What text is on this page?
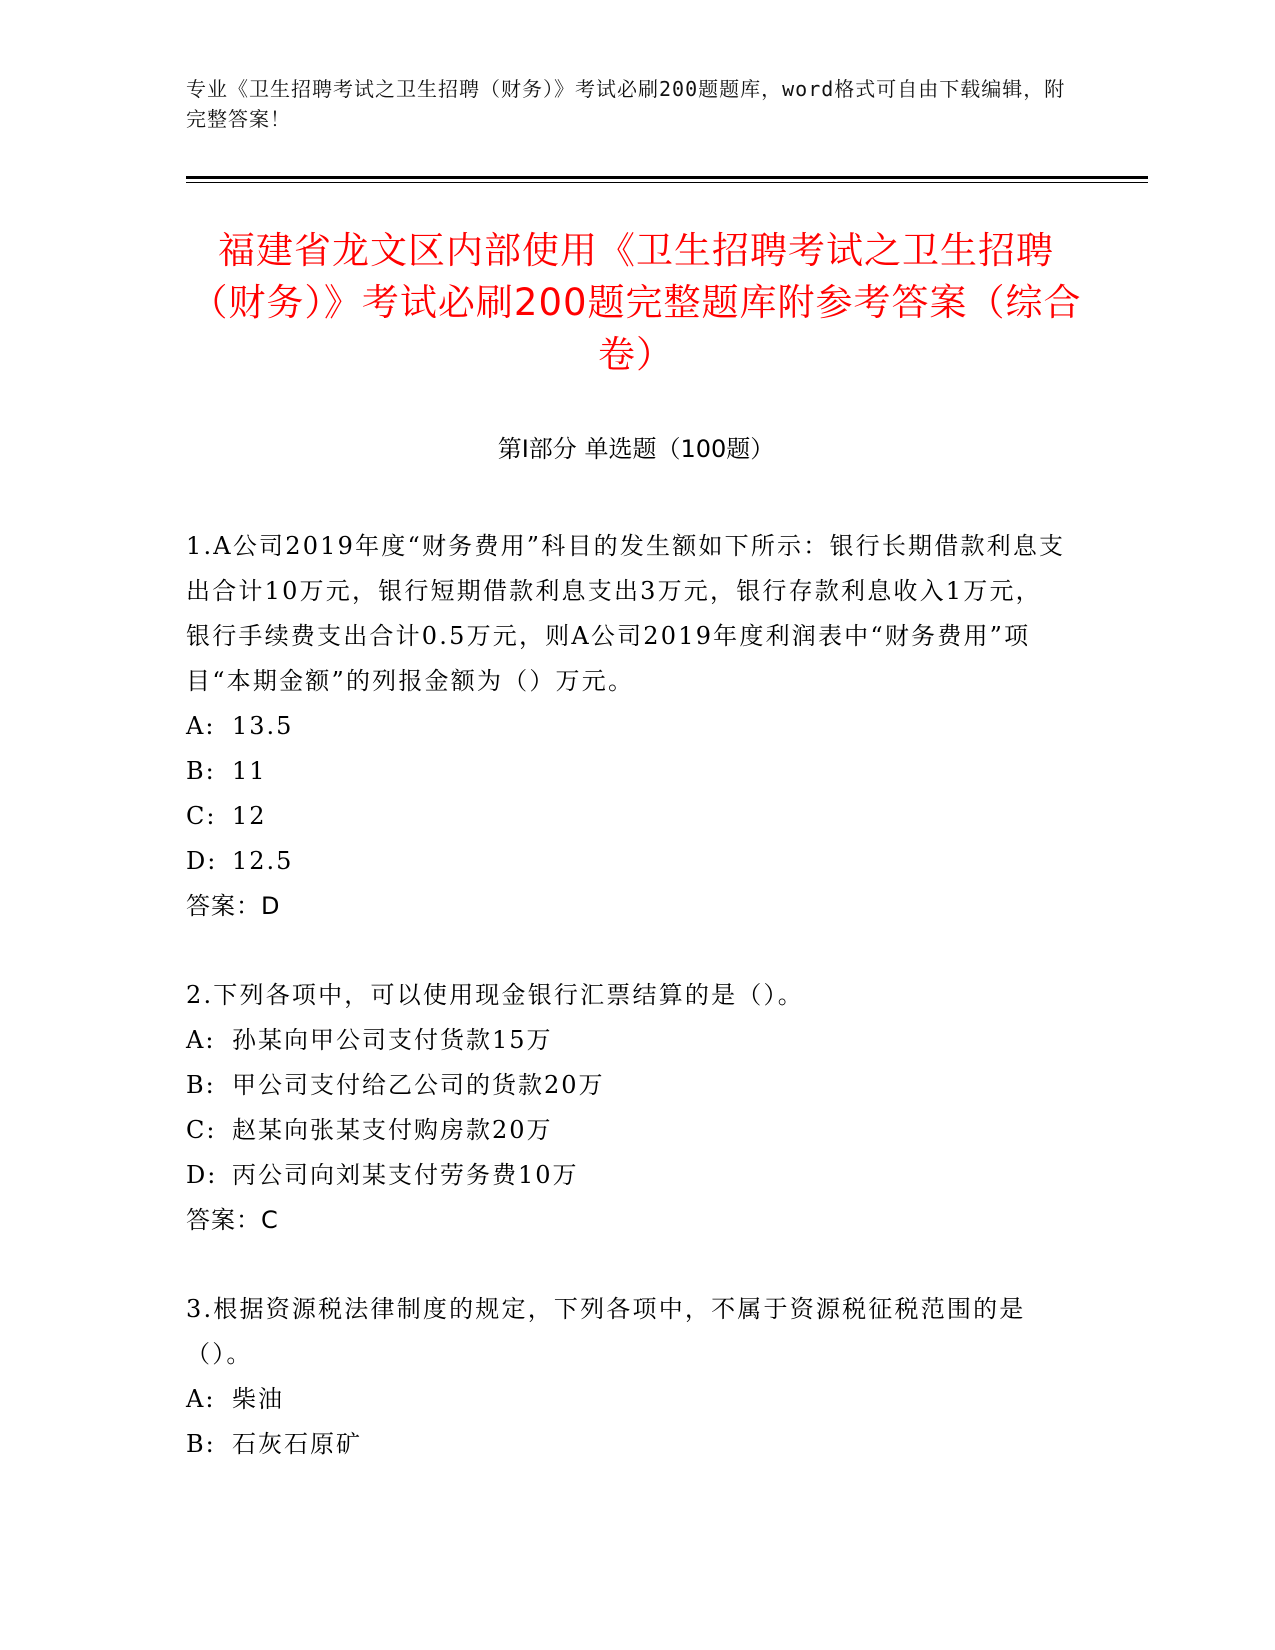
专业《卫生招聘考试之卫生招聘（财务）》考试必刷200题题库，word格式可自由下载编辑，附完整答案！
福建省龙文区内部使用《卫生招聘考试之卫生招聘（财务）》考试必刷200题完整题库附参考答案（综合卷）
第Ⅰ部分 单选题（100题）

1.A公司2019年度“财务费用”科目的发生额如下所示：银行长期借款利息支出合计10万元，银行短期借款利息支出3万元，银行存款利息收入1万元，银行手续费支出合计0.5万元，则A公司2019年度利润表中“财务费用”项目“本期金额”的列报金额为（）万元。

A: 13.5

B: 11

C: 12

D: 12.5

答案：D

2.下列各项中，可以使用现金银行汇票结算的是（）。

A: 孙某向甲公司支付货款15万

B: 甲公司支付给乙公司的货款20万

C: 赵某向张某支付购房款20万

D: 丙公司向刘某支付劳务费10万

答案：C

3.根据资源税法律制度的规定，下列各项中，不属于资源税征税范围的是（）。

A: 柴油

B: 石灰石原矿
